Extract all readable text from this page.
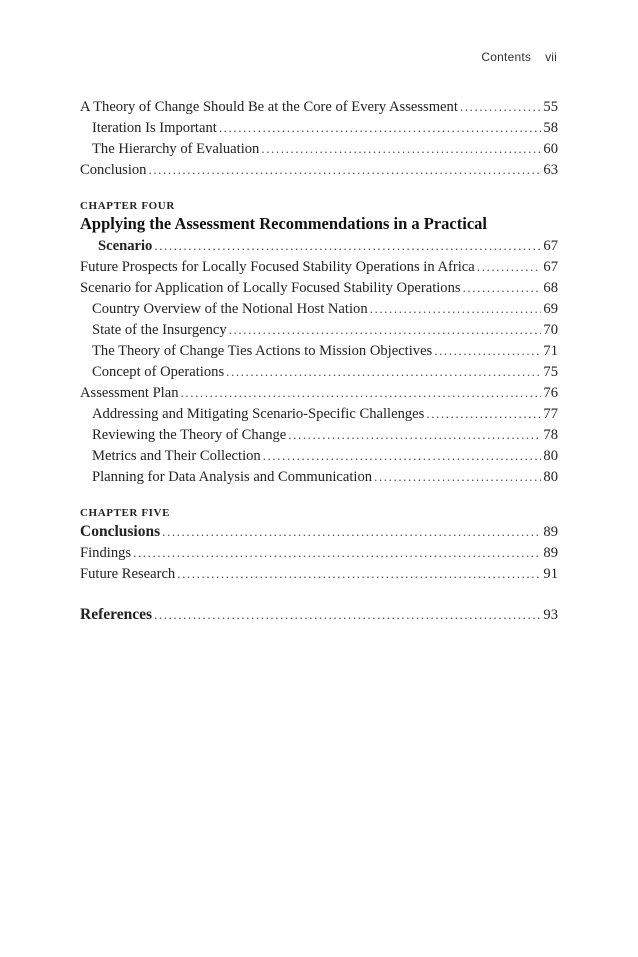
Contents vii
A Theory of Change Should Be at the Core of Every Assessment .....	55
Iteration Is Important .....	58
The Hierarchy of Evaluation .....	60
Conclusion .....	63
CHAPTER FOUR
Applying the Assessment Recommendations in a Practical
Scenario .....	67
Future Prospects for Locally Focused Stability Operations in Africa .....	67
Scenario for Application of Locally Focused Stability Operations .....	68
Country Overview of the Notional Host Nation .....	69
State of the Insurgency .....	70
The Theory of Change Ties Actions to Mission Objectives .....	71
Concept of Operations .....	75
Assessment Plan .....	76
Addressing and Mitigating Scenario-Specific Challenges .....	77
Reviewing the Theory of Change .....	78
Metrics and Their Collection .....	80
Planning for Data Analysis and Communication .....	80
CHAPTER FIVE
Conclusions .....	89
Findings .....	89
Future Research .....	91
References .....	93
